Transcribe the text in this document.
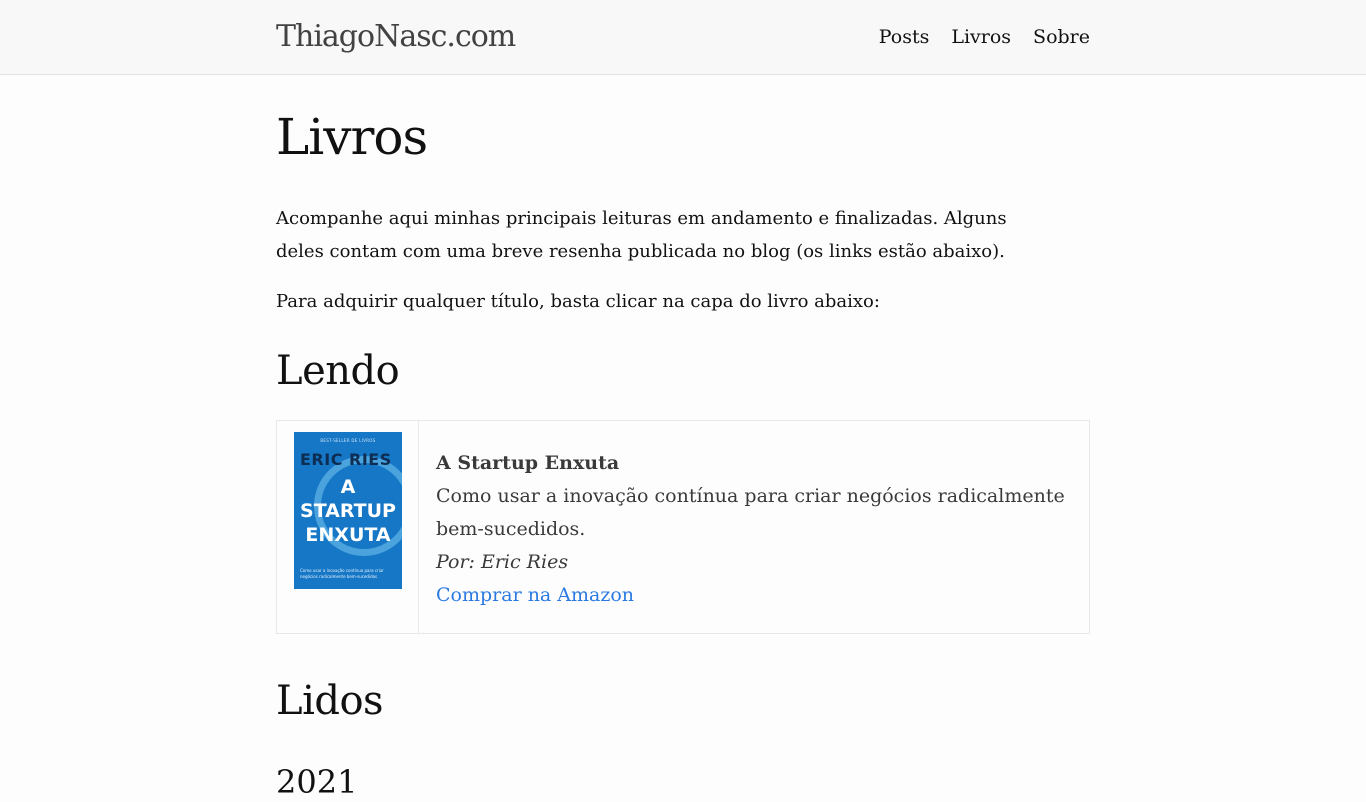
ThiagoNasc.com	Posts Livros Sobre
Livros

Acompanhe aqui minhas principais leituras em andamento e finalizadas. Alguns deles contam com uma breve resenha publicada no blog (os links estão abaixo).

Para adquirir qualquer título, basta clicar na capa do livro abaixo:

Lendo
BEST-SELLER DE LIVROS
ERIC RIES
A
STARTUP
ENXUTA
Como usar a inovação contínua para criar negócios radicalmente bem-sucedidos
A Startup Enxuta
Como usar a inovação contínua para criar negócios radicalmente bem-sucedidos.
Por: Eric Ries
Comprar na Amazon
Lidos
2021
